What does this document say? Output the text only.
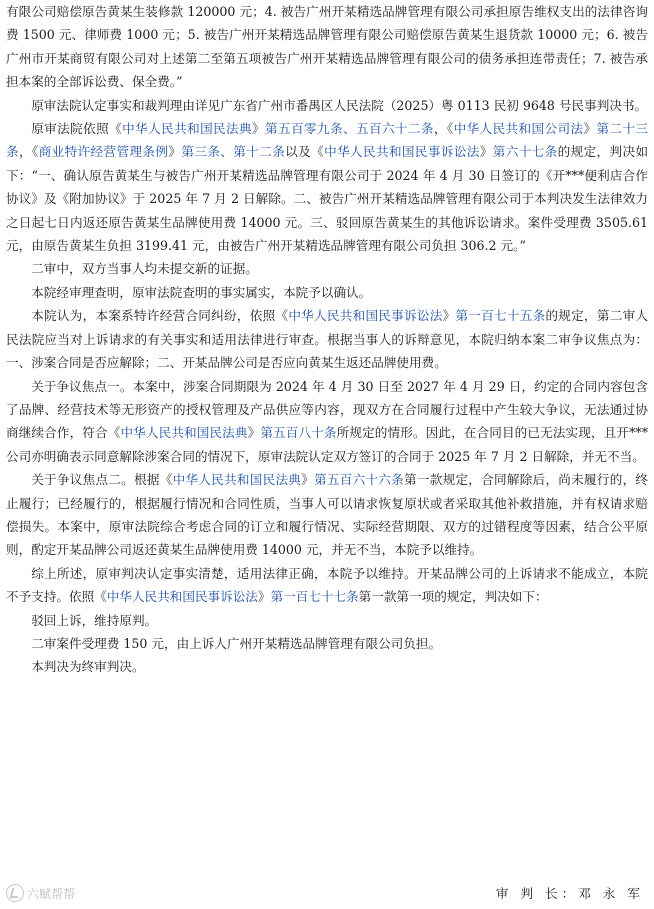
有限公司赔偿原告黄某生装修款 120000 元；4. 被告广州开某精选品牌管理有限公司承担原告维权支出的法律咨询费 1500 元、律师费 1000 元；5. 被告广州开某精选品牌管理有限公司赔偿原告黄某生退货款 10000 元；6. 被告广州市开某商贸有限公司对上述第二至第五项被告广州开某精选品牌管理有限公司的债务承担连带责任；7. 被告承担本案的全部诉讼费、保全费。”

原审法院认定事实和裁判理由详见广东省广州市番禺区人民法院（2025）粤 0113 民初 9648 号民事判决书。

原审法院依照《中华人民共和国民法典》第五百零九条、五百六十二条，《中华人民共和国公司法》第二十三条，《商业特许经营管理条例》第三条、第十二条以及《中华人民共和国民事诉讼法》第六十七条的规定，判决如下：“一、确认原告黄某生与被告广州开某精选品牌管理有限公司于 2024 年 4 月 30 日签订的《开***便利店合作协议》及《附加协议》于 2025 年 7 月 2 日解除。二、被告广州开某精选品牌管理有限公司于本判决发生法律效力之日起七日内返还原告黄某生品牌使用费 14000 元。三、驳回原告黄某生的其他诉讼请求。案件受理费 3505.61 元，由原告黄某生负担 3199.41 元，由被告广州开某精选品牌管理有限公司负担 306.2 元。”

二审中，双方当事人均未提交新的证据。

本院经审理查明，原审法院查明的事实属实，本院予以确认。

本院认为，本案系特许经营合同纠纷，依照《中华人民共和国民事诉讼法》第一百七十五条的规定，第二审人民法院应当对上诉请求的有关事实和适用法律进行审查。根据当事人的诉辩意见，本院归纳本案二审争议焦点为：一、涉案合同是否应解除；二、开某品牌公司是否应向黄某生返还品牌使用费。

关于争议焦点一。本案中，涉案合同期限为 2024 年 4 月 30 日至 2027 年 4 月 29 日，约定的合同内容包含了品牌、经营技术等无形资产的授权管理及产品供应等内容，现双方在合同履行过程中产生较大争议，无法通过协商继续合作，符合《中华人民共和国民法典》第五百八十条所规定的情形。因此，在合同目的已无法实现，且开***公司亦明确表示同意解除涉案合同的情况下，原审法院认定双方签订的合同于 2025 年 7 月 2 日解除，并无不当。

关于争议焦点二。根据《中华人民共和国民法典》第五百六十六条第一款规定，合同解除后，尚未履行的，终止履行；已经履行的，根据履行情况和合同性质，当事人可以请求恢复原状或者采取其他补救措施，并有权请求赔偿损失。本案中，原审法院综合考虑合同的订立和履行情况、实际经营期限、双方的过错程度等因素，结合公平原则，酌定开某品牌公司返还黄某生品牌使用费 14000 元，并无不当，本院予以维持。

综上所述，原审判决认定事实清楚，适用法律正确，本院予以维持。开某品牌公司的上诉请求不能成立，本院不予支持。依照《中华人民共和国民事诉讼法》第一百七十七条第一款第一项的规定，判决如下：

驳回上诉，维持原判。

二审案件受理费 150 元，由上诉人广州开某精选品牌管理有限公司负担。

本判决为终审判决。

六赋帮帮	审 判 长：邓 永 军
